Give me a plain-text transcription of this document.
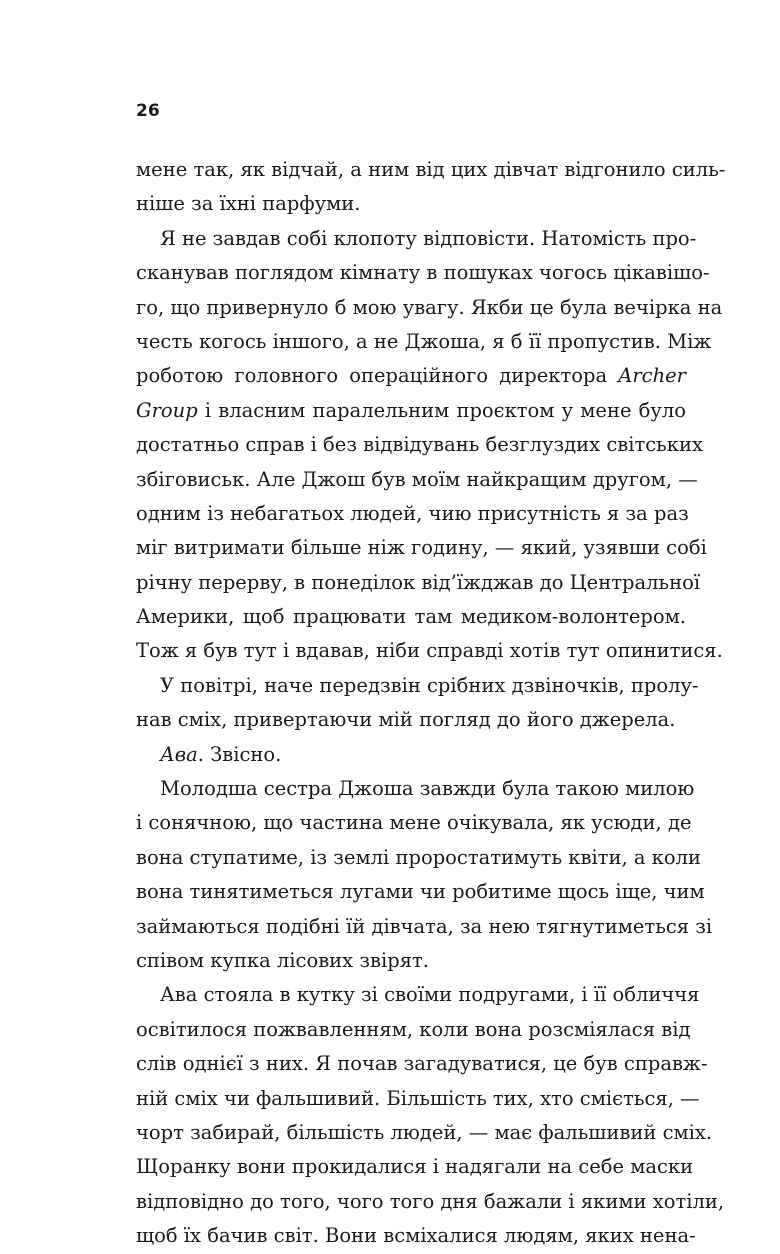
26

мене так, як відчай, а ним від цих дівчат відгонило силь-
ніше за їхні парфуми.
Я не завдав собі клопоту відповісти. Натомість про-
сканував поглядом кімнату в пошуках чогось цікавішо-
го, що привернуло б мою увагу. Якби це була вечірка на
честь когось іншого, а не Джоша, я б її пропустив. Між
роботою головного операційного директора Archer
Group і власним паралельним проєктом у мене було
достатньо справ і без відвідувань безглуздих світських
збіговиськ. Але Джош був моїм найкращим другом, —
одним із небагатьох людей, чию присутність я за раз
міг витримати більше ніж годину, — який, узявши собі
річну перерву, в понеділок від’їжджав до Центральної
Америки, щоб працювати там медиком-волонтером.
Тож я був тут і вдавав, ніби справді хотів тут опинитися.
У повітрі, наче передзвін срібних дзвіночків, пролу-
нав сміх, привертаючи мій погляд до його джерела.
Ава. Звісно.
Молодша сестра Джоша завжди була такою милою
і сонячною, що частина мене очікувала, як усюди, де
вона ступатиме, із землі проростатимуть квіти, а коли
вона тинятиметься лугами чи робитиме щось іще, чим
займаються подібні їй дівчата, за нею тягнутиметься зі
співом купка лісових звірят.
Ава стояла в кутку зі своїми подругами, і її обличчя
освітилося пожвавленням, коли вона розсміялася від
слів однієї з них. Я почав загадуватися, це був справж-
ній сміх чи фальшивий. Більшість тих, хто сміється, —
чорт забирай, більшість людей, — має фальшивий сміх.
Щоранку вони прокидалися і надягали на себе маски
відповідно до того, чого того дня бажали і якими хотіли,
щоб їх бачив світ. Вони всміхалися людям, яких нена-
